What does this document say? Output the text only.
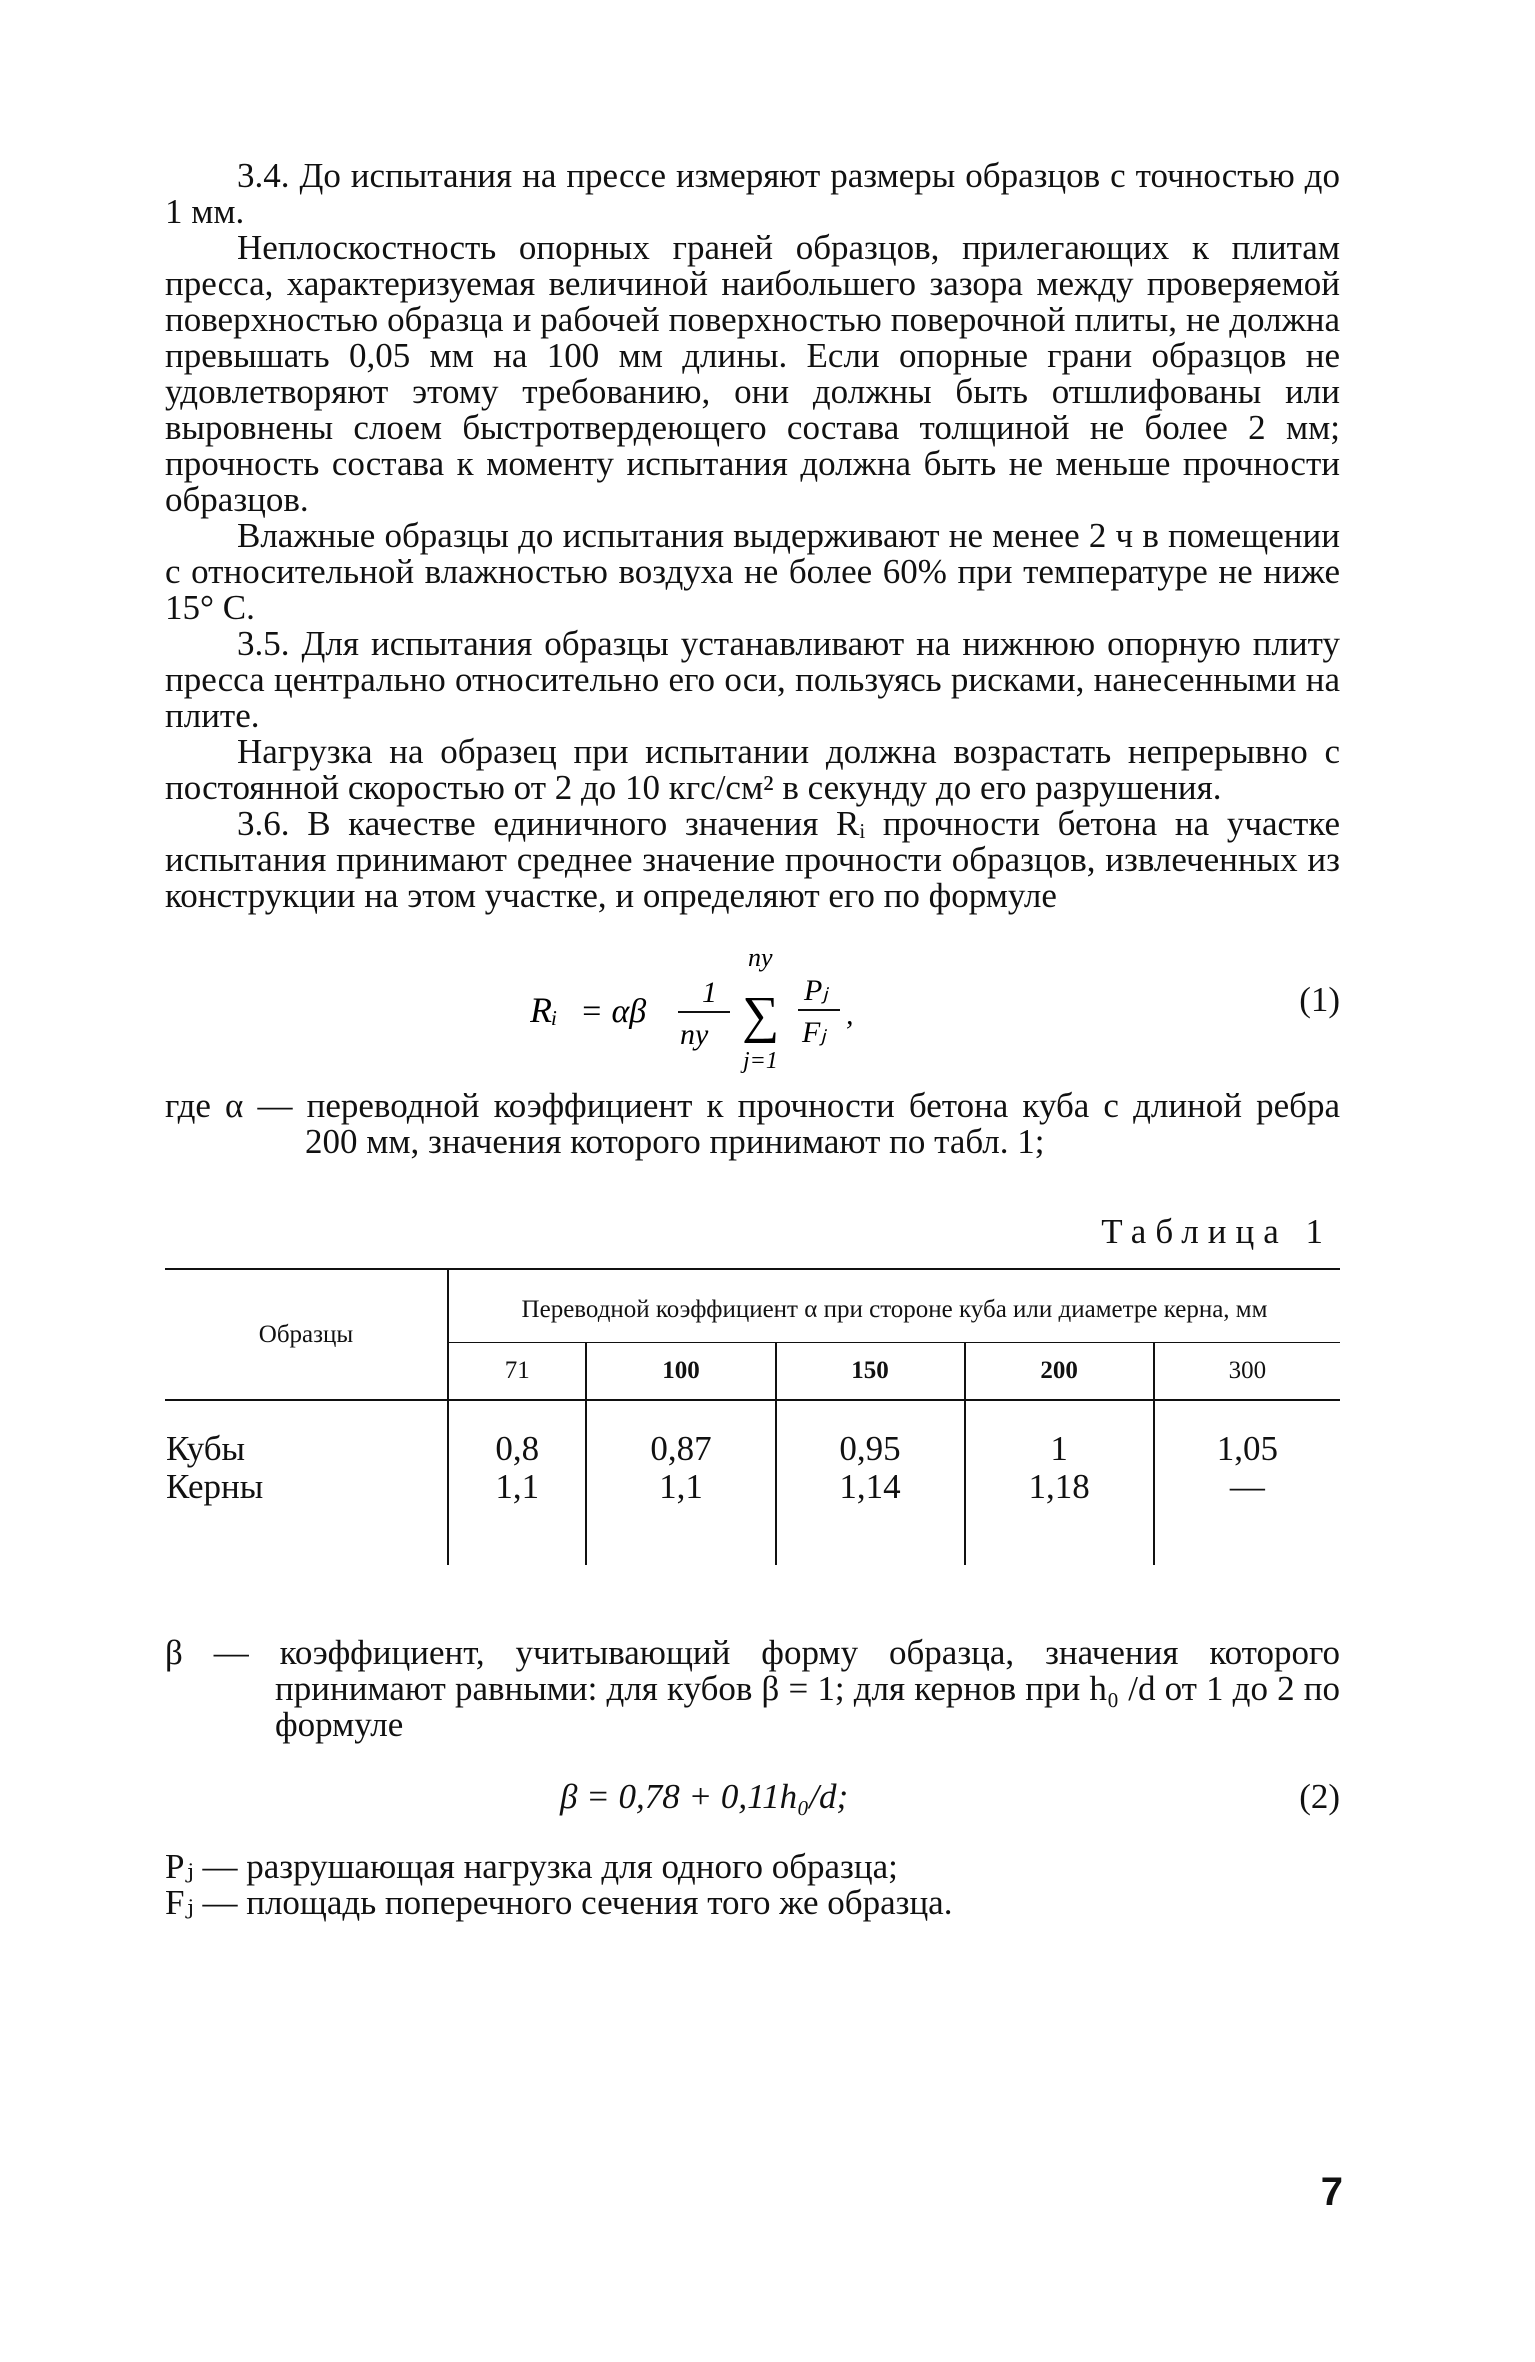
3.4. До испытания на прессе измеряют размеры образцов с точностью до 1 мм.

Неплоскостность опорных граней образцов, прилегающих к плитам пресса, характеризуемая величиной наибольшего зазора между проверяемой поверхностью образца и рабочей поверхностью поверочной плиты, не должна превышать 0,05 мм на 100 мм длины. Если опорные грани образцов не удовлетворяют этому требованию, они должны быть отшлифованы или выровнены слоем быстротвердеющего состава толщиной не более 2 мм; прочность состава к моменту испытания должна быть не меньше прочности образцов.

Влажные образцы до испытания выдерживают не менее 2 ч в помещении с относительной влажностью воздуха не более 60% при температуре не ниже 15° С.

3.5. Для испытания образцы устанавливают на нижнюю опорную плиту пресса центрально относительно его оси, пользуясь рисками, нанесенными на плите.

Нагрузка на образец при испытании должна возрастать непрерывно с постоянной скоростью от 2 до 10 кгс/см² в секунду до его разрушения.

3.6. В качестве единичного значения Rᵢ прочности бетона на участке испытания принимают среднее значение прочности образцов, извлеченных из конструкции на этом участке, и определяют его по формуле

Rᵢ = αβ
1
nу
nу
∑
j=1
Pⱼ
Fⱼ
,	(1)
где α — переводной коэффициент к прочности бетона куба с длиной ребра 200 мм, значения которого принимают по табл. 1;
Таблица 1
Образцы	Переводной коэффициент α при стороне куба или диаметре керна, мм				
	71	100	150	200	300
Кубы	0,8	0,87	0,95	1	1,05
Керны	1,1	1,1	1,14	1,18	—
β — коэффициент, учитывающий форму образца, значения которого принимают равными: для кубов β = 1; для кернов при h₀ /d от 1 до 2 по формуле
β = 0,78 + 0,11h₀/d;	(2)
Pⱼ — разрушающая нагрузка для одного образца;
Fⱼ — площадь поперечного сечения того же образца.
7
